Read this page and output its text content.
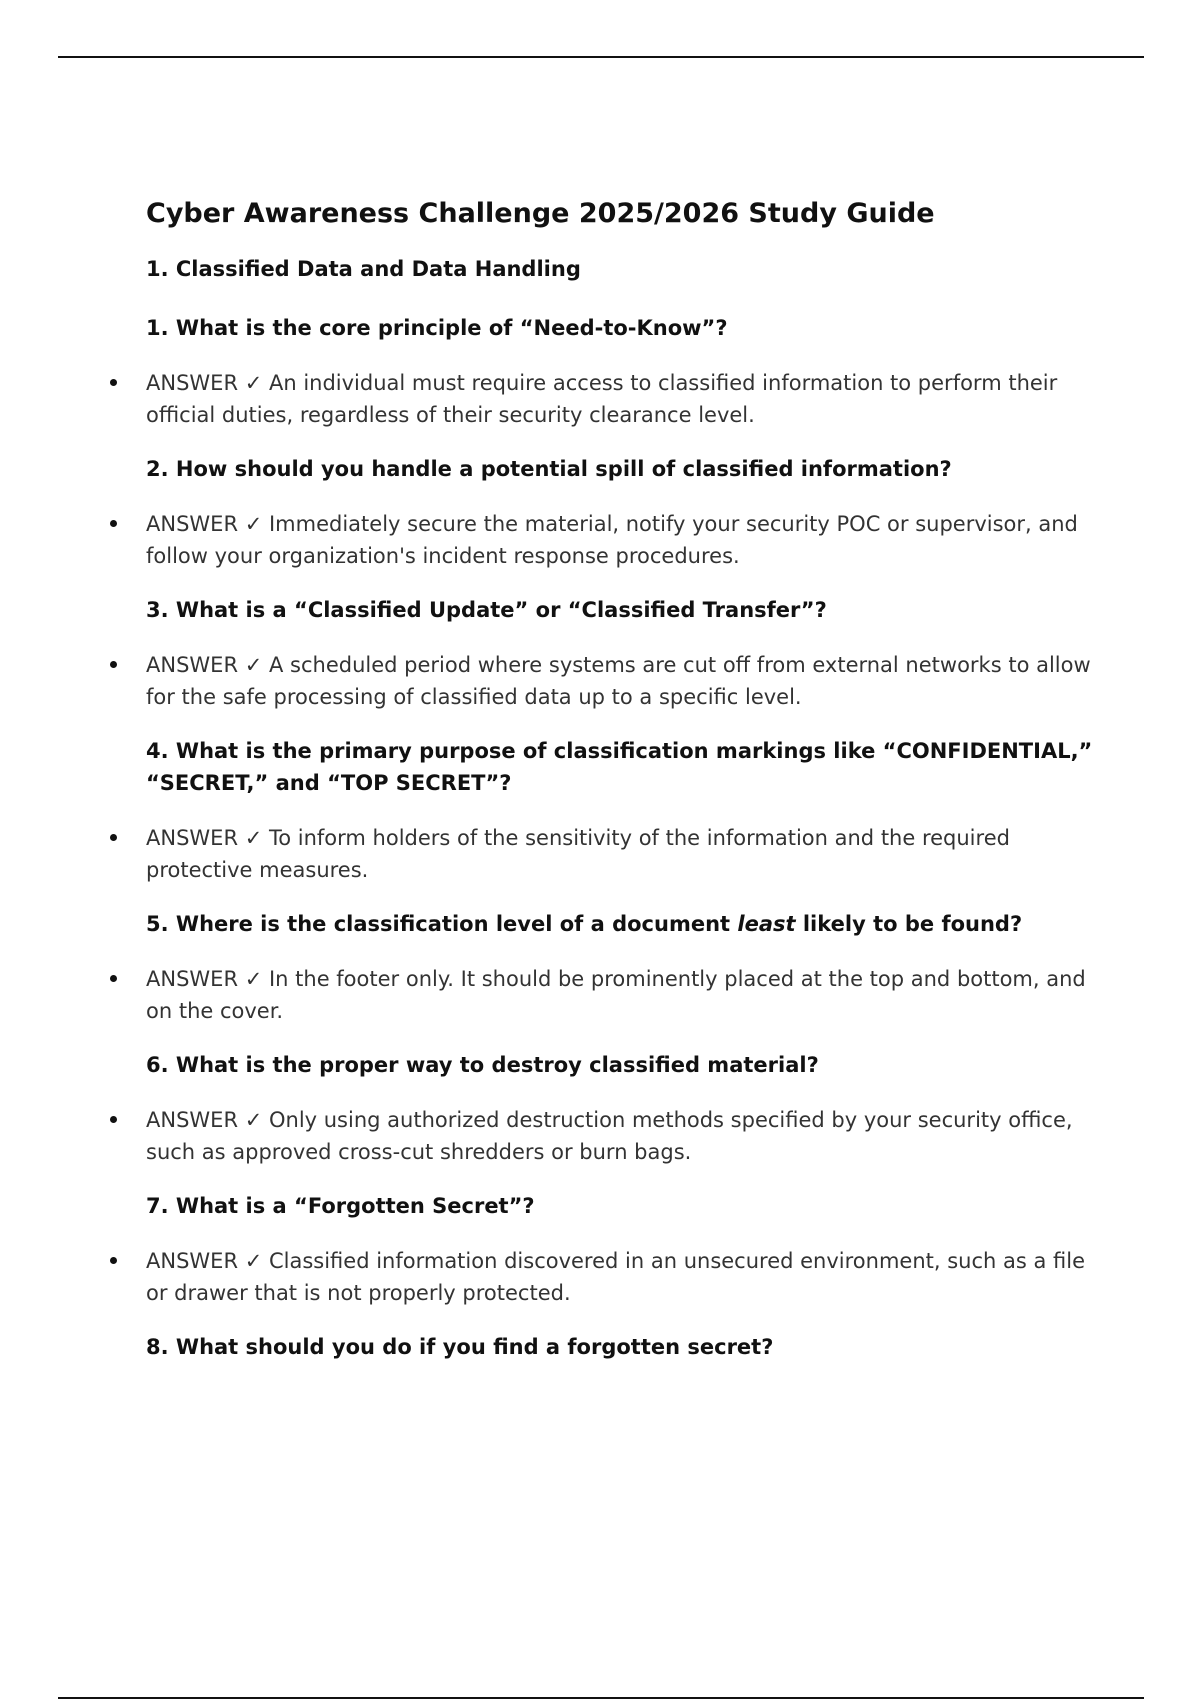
Cyber Awareness Challenge 2025/2026 Study Guide
1. Classified Data and Data Handling

1. What is the core principle of “Need-to-Know”?

ANSWER ✓ An individual must require access to classified information to perform their official duties, regardless of their security clearance level.

2. How should you handle a potential spill of classified information?

ANSWER ✓ Immediately secure the material, notify your security POC or supervisor, and follow your organization's incident response procedures.

3. What is a “Classified Update” or “Classified Transfer”?

ANSWER ✓ A scheduled period where systems are cut off from external networks to allow for the safe processing of classified data up to a specific level.

4. What is the primary purpose of classification markings like “CONFIDENTIAL,” “SECRET,” and “TOP SECRET”?

ANSWER ✓ To inform holders of the sensitivity of the information and the required protective measures.

5. Where is the classification level of a document least likely to be found?

ANSWER ✓ In the footer only. It should be prominently placed at the top and bottom, and on the cover.

6. What is the proper way to destroy classified material?

ANSWER ✓ Only using authorized destruction methods specified by your security office, such as approved cross-cut shredders or burn bags.

7. What is a “Forgotten Secret”?

ANSWER ✓ Classified information discovered in an unsecured environment, such as a file or drawer that is not properly protected.

8. What should you do if you find a forgotten secret?
